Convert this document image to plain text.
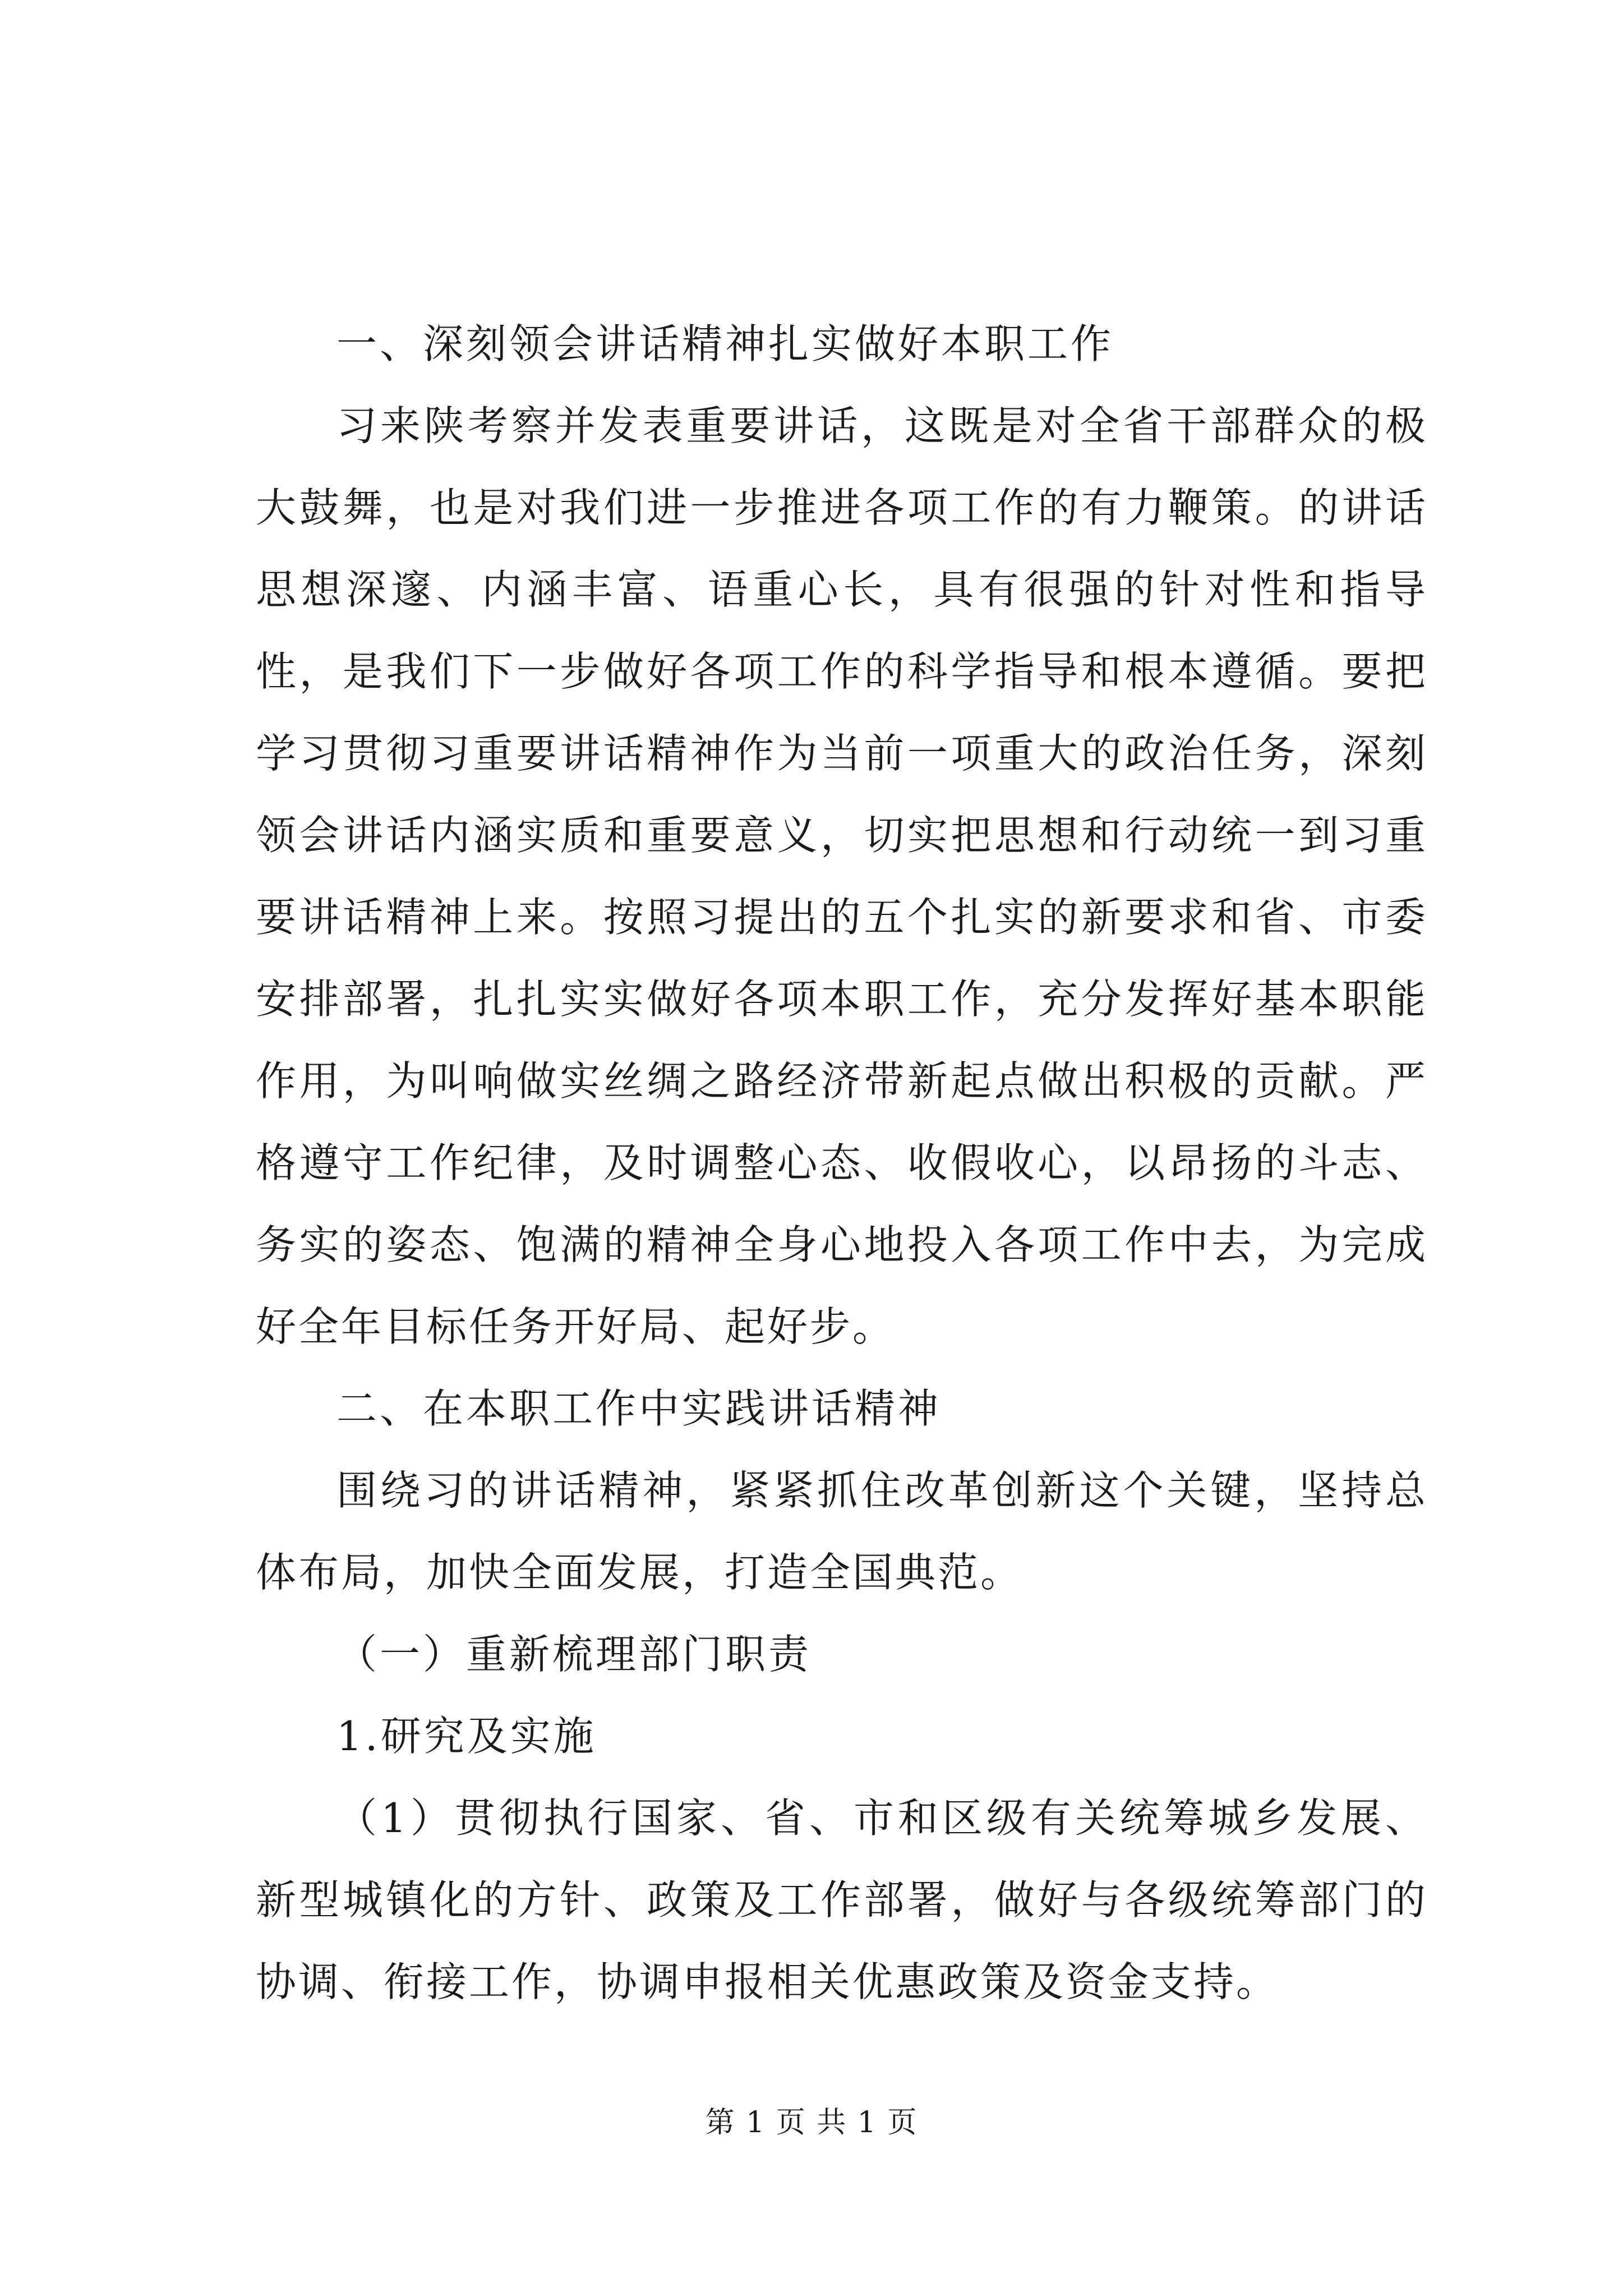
一、深刻领会讲话精神扎实做好本职工作

习来陕考察并发表重要讲话，这既是对全省干部群众的极大鼓舞，也是对我们进一步推进各项工作的有力鞭策。的讲话思想深邃、内涵丰富、语重心长，具有很强的针对性和指导性，是我们下一步做好各项工作的科学指导和根本遵循。要把学习贯彻习重要讲话精神作为当前一项重大的政治任务，深刻领会讲话内涵实质和重要意义，切实把思想和行动统一到习重要讲话精神上来。按照习提出的五个扎实的新要求和省、市委安排部署，扎扎实实做好各项本职工作，充分发挥好基本职能作用，为叫响做实丝绸之路经济带新起点做出积极的贡献。严格遵守工作纪律，及时调整心态、收假收心，以昂扬的斗志、务实的姿态、饱满的精神全身心地投入各项工作中去，为完成好全年目标任务开好局、起好步。

二、在本职工作中实践讲话精神

围绕习的讲话精神，紧紧抓住改革创新这个关键，坚持总体布局，加快全面发展，打造全国典范。

（一）重新梳理部门职责

1.研究及实施

（1）贯彻执行国家、省、市和区级有关统筹城乡发展、新型城镇化的方针、政策及工作部署，做好与各级统筹部门的协调、衔接工作，协调申报相关优惠政策及资金支持。

第 1 页 共 1 页
